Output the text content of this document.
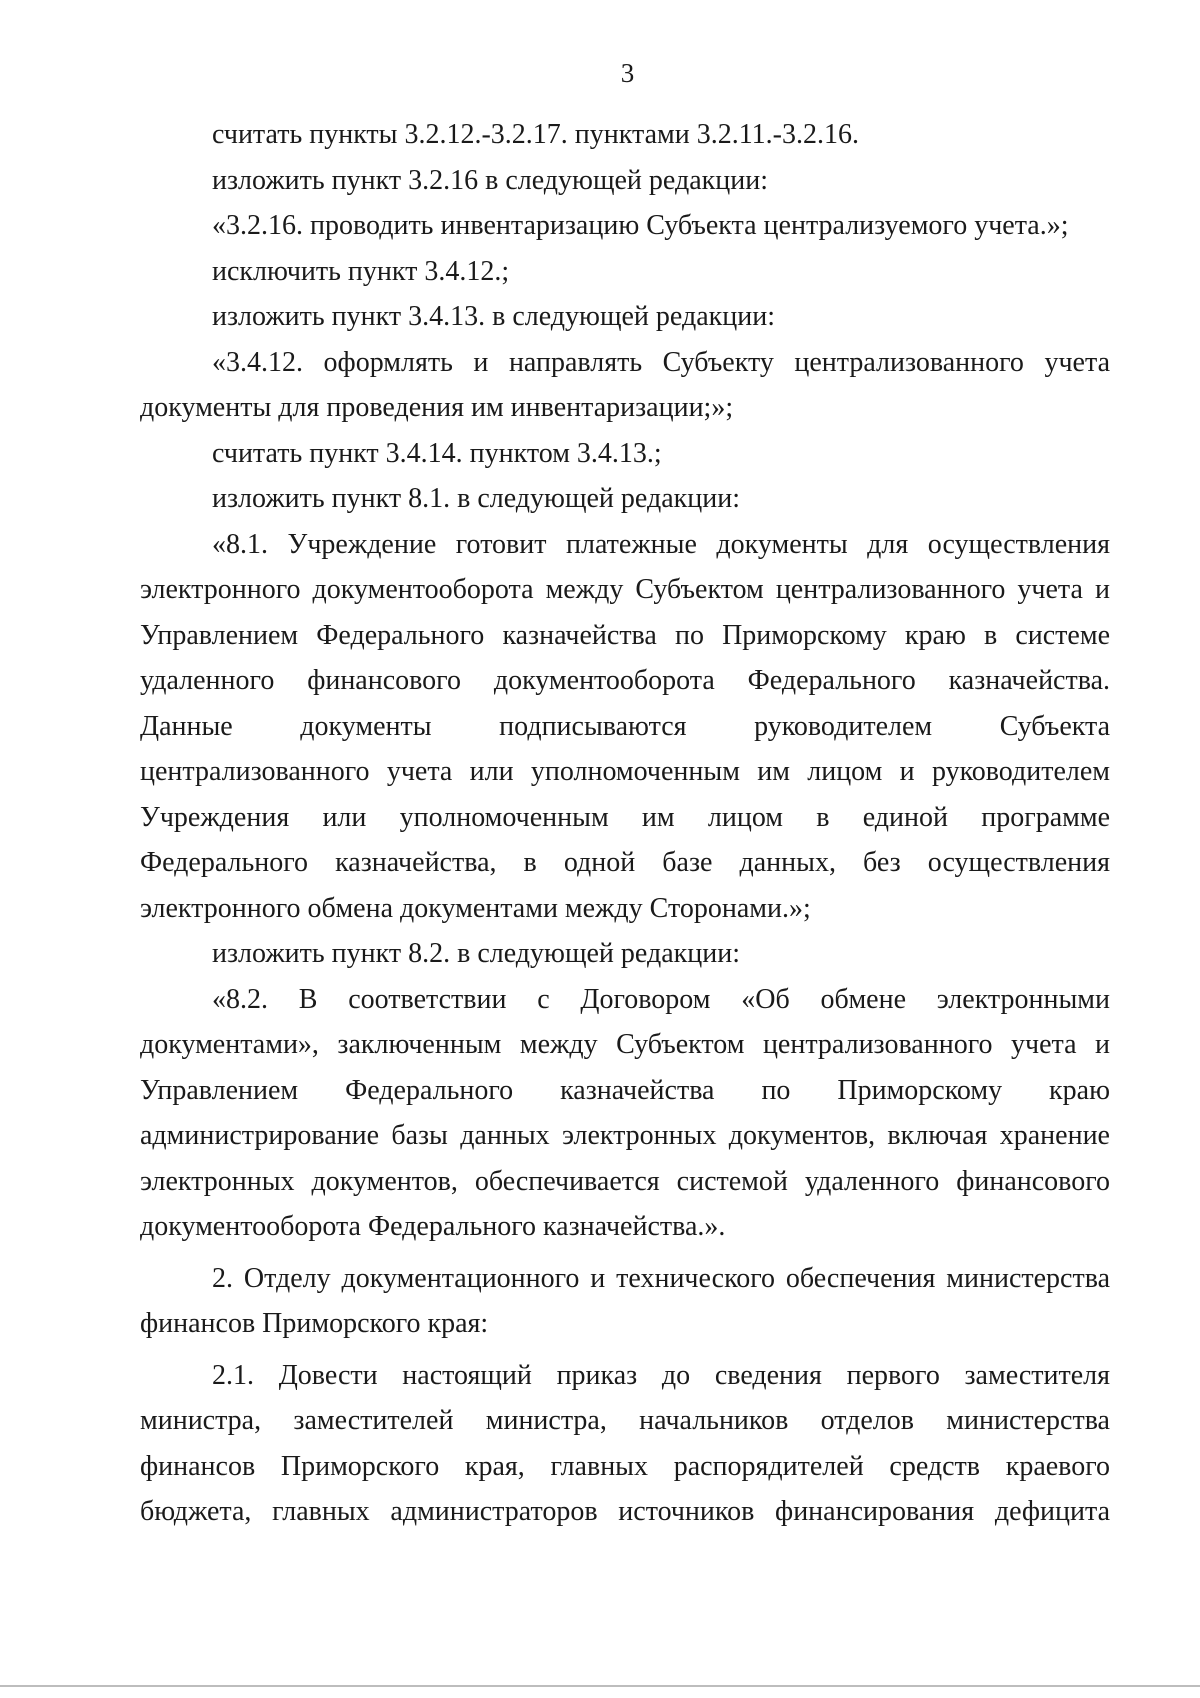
3
считать пункты 3.2.12.-3.2.17. пунктами 3.2.11.-3.2.16.
изложить пункт 3.2.16 в следующей редакции:
«3.2.16. проводить инвентаризацию Субъекта централизуемого учета.»;
исключить пункт 3.4.12.;
изложить пункт 3.4.13. в следующей редакции:
«3.4.12. оформлять и направлять Субъекту централизованного учета
документы для проведения им инвентаризации;»;
считать пункт 3.4.14. пунктом 3.4.13.;
изложить пункт 8.1. в следующей редакции:
«8.1. Учреждение готовит платежные документы для осуществления
электронного документооборота между Субъектом централизованного учета и
Управлением Федерального казначейства по Приморскому краю в системе
удаленного финансового документооборота Федерального казначейства.
Данные документы подписываются руководителем Субъекта
централизованного учета или уполномоченным им лицом и руководителем
Учреждения или уполномоченным им лицом в единой программе
Федерального казначейства, в одной базе данных, без осуществления
электронного обмена документами между Сторонами.»;
изложить пункт 8.2. в следующей редакции:
«8.2. В соответствии с Договором «Об обмене электронными
документами», заключенным между Субъектом централизованного учета и
Управлением Федерального казначейства по Приморскому краю
администрирование базы данных электронных документов, включая хранение
электронных документов, обеспечивается системой удаленного финансового
документооборота Федерального казначейства.».
2. Отделу документационного и технического обеспечения министерства
финансов Приморского края:
2.1. Довести настоящий приказ до сведения первого заместителя
министра, заместителей министра, начальников отделов министерства
финансов Приморского края, главных распорядителей средств краевого
бюджета, главных администраторов источников финансирования дефицита
